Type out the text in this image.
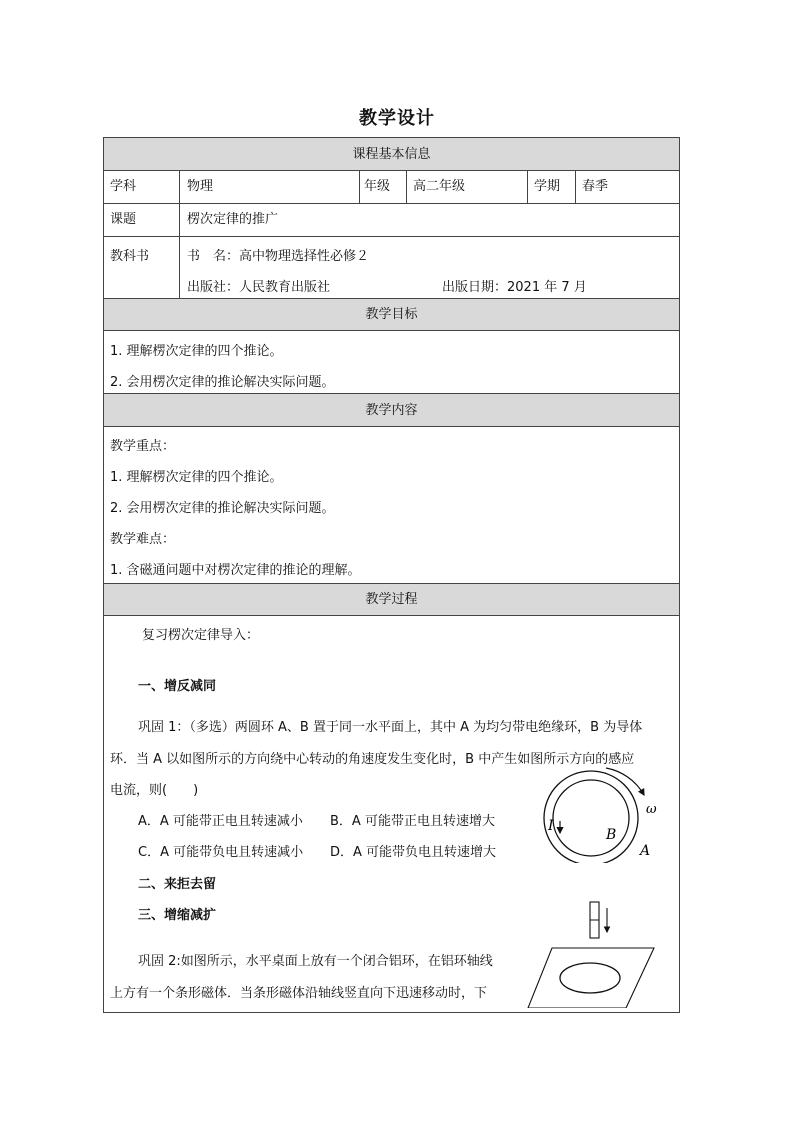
教学设计
课程基本信息
学科	物理	年级	高二年级	学期	春季
课题	楞次定律的推广
教科书	书　名：高中物理选择性必修２
出版社：人民教育出版社	出版日期：2021 年 7 月
教学目标
1. 理解楞次定律的四个推论。
2. 会用楞次定律的推论解决实际问题。
教学内容
教学重点：
1. 理解楞次定律的四个推论。
2. 会用楞次定律的推论解决实际问题。
教学难点：
1. 含磁通问题中对楞次定律的推论的理解。
教学过程
复习楞次定律导入：
一、增反减同
巩固 1：（多选）两圆环 A、B 置于同一水平面上，其中 A 为均匀带电绝缘环，B 为导体
环．当 A 以如图所示的方向绕中心转动的角速度发生变化时，B 中产生如图所示方向的感应
电流，则(　　)
A．A 可能带正电且转速减小 B．A 可能带正电且转速增大
C．A 可能带负电且转速减小 D．A 可能带负电且转速增大
二、来拒去留
三、增缩减扩
巩固 2:如图所示，水平桌面上放有一个闭合铝环，在铝环轴线
上方有一个条形磁体．当条形磁体沿轴线竖直向下迅速移动时，下
ω
I
B
A
